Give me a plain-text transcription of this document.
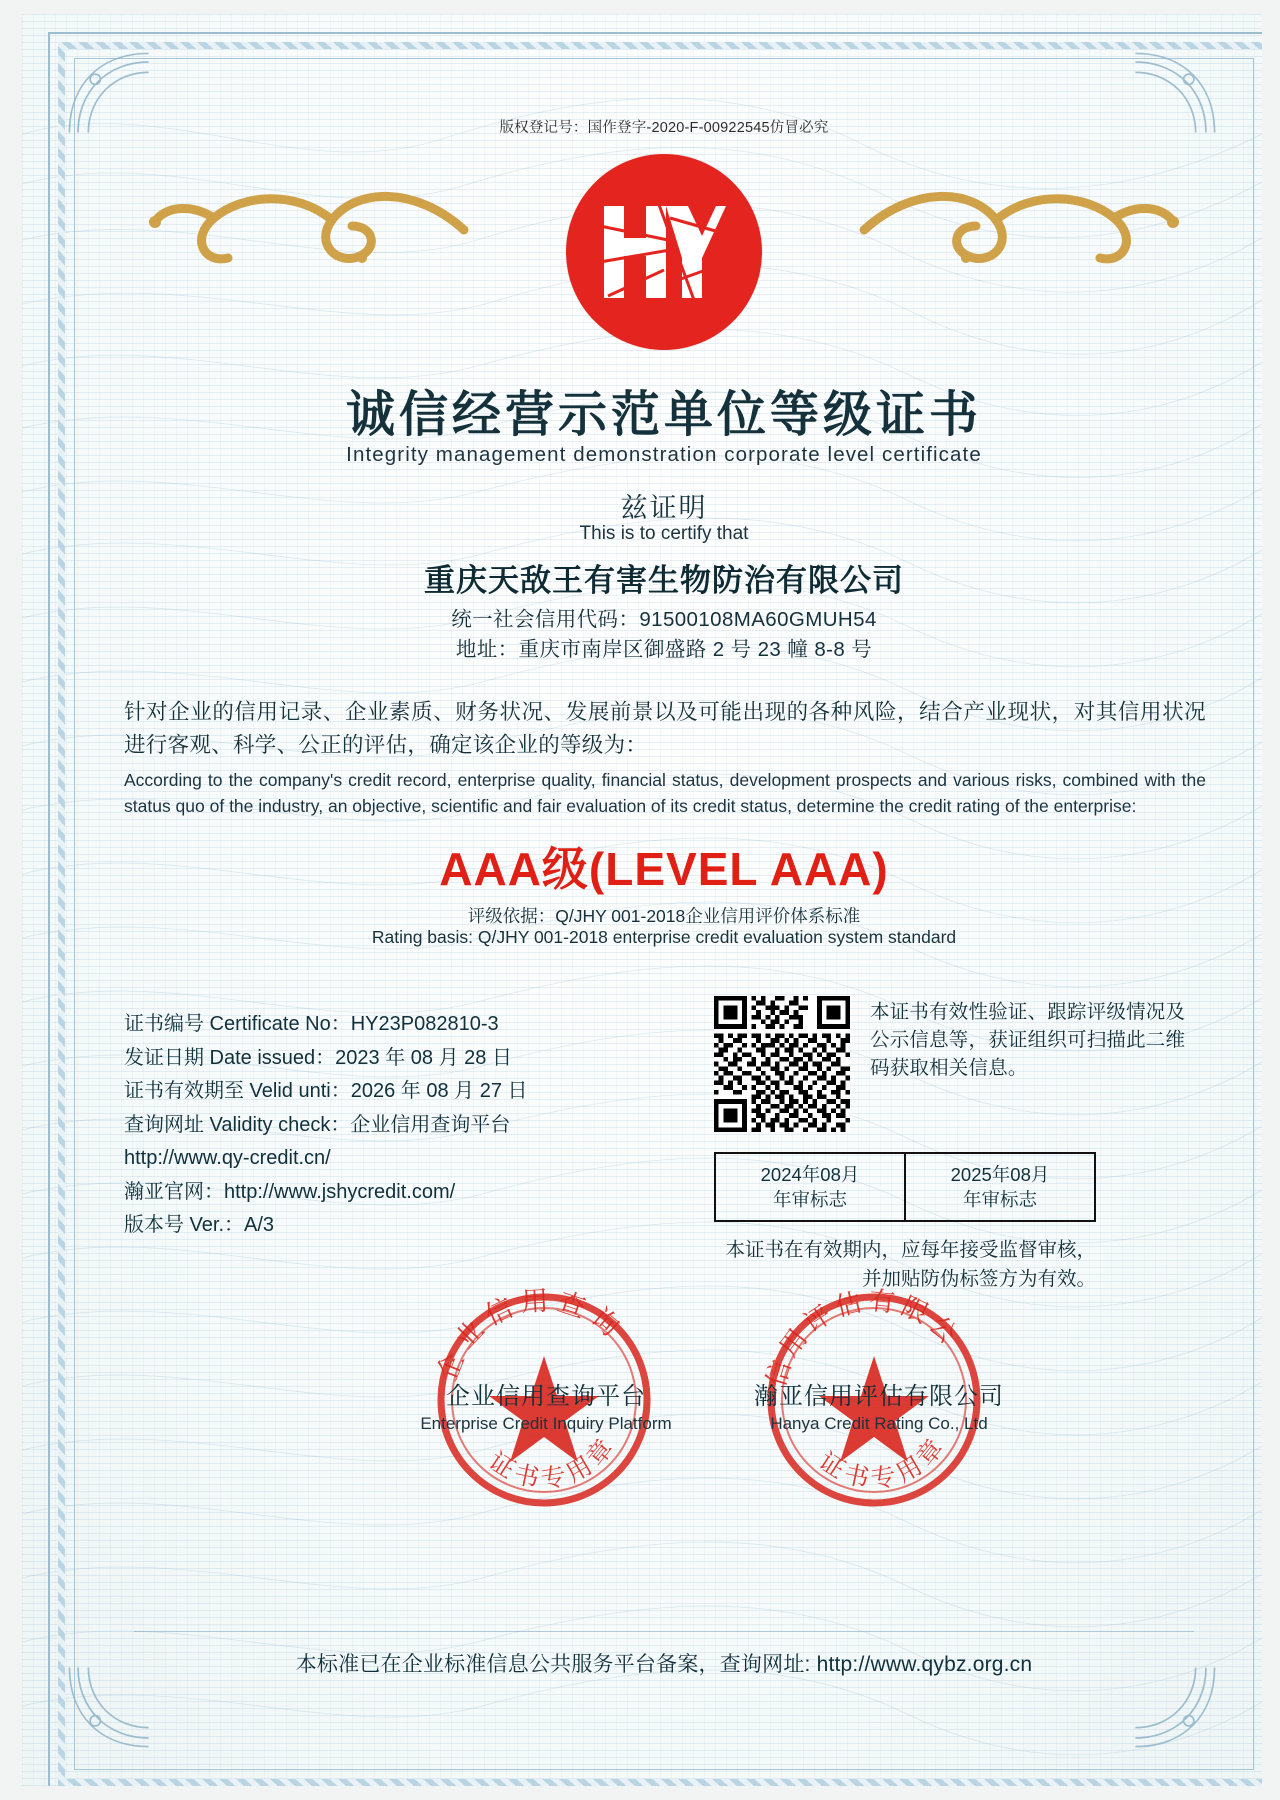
版权登记号：国作登字-2020-F-00922545仿冒必究
诚信经营示范单位等级证书
Integrity management demonstration corporate level certificate
兹证明
This is to certify that
重庆天敌王有害生物防治有限公司
统一社会信用代码：91500108MA60GMUH54
地址：重庆市南岸区御盛路 2 号 23 幢 8-8 号
针对企业的信用记录、企业素质、财务状况、发展前景以及可能出现的各种风险，结合产业现状，对其信用状况进行客观、科学、公正的评估，确定该企业的等级为：
According to the company's credit record, enterprise quality, financial status, development prospects and various risks, combined with the status quo of the industry, an objective, scientific and fair evaluation of its credit status, determine the credit rating of the enterprise:
AAA级(LEVEL AAA)
评级依据：Q/JHY 001-2018企业信用评价体系标准
Rating basis: Q/JHY 001-2018 enterprise credit evaluation system standard
证书编号 Certificate No：HY23P082810-3
发证日期 Date issued：2023 年 08 月 28 日
证书有效期至 Velid unti：2026 年 08 月 27 日
查询网址 Validity check：企业信用查询平台
http://www.qy-credit.cn/
瀚亚官网：http://www.jshycredit.com/
版本号 Ver.：A/3
本证书有效性验证、跟踪评级情况及公示信息等，获证组织可扫描此二维码获取相关信息。
2024年08月
年审标志
2025年08月
年审标志
本证书在有效期内，应每年接受监督审核，并加贴防伪标签方为有效。
企业信用查询
证书专用章
信用评估有限公
证书专用章
企业信用查询平台
Enterprise Credit Inquiry Platform
瀚亚信用评估有限公司
Hanya Credit Rating Co., Ltd
本标准已在企业标准信息公共服务平台备案，查询网址: http://www.qybz.org.cn
